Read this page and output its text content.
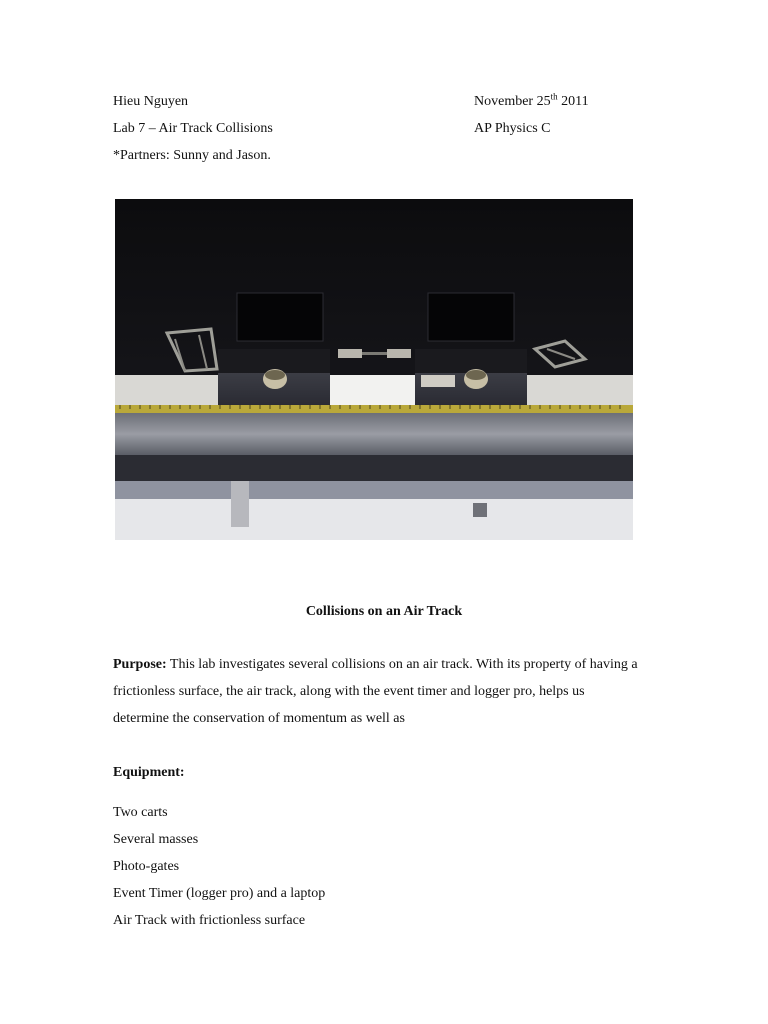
Hieu Nguyen	November 25th 2011
Lab 7 – Air Track Collisions	AP Physics C
*Partners: Sunny and Jason.
Collisions on an Air Track
Purpose: This lab investigates several collisions on an air track. With its property of having a frictionless surface, the air track, along with the event timer and logger pro, helps us determine the conservation of momentum as well as
Equipment:
Two carts
Several masses
Photo-gates
Event Timer (logger pro) and a laptop
Air Track with frictionless surface
